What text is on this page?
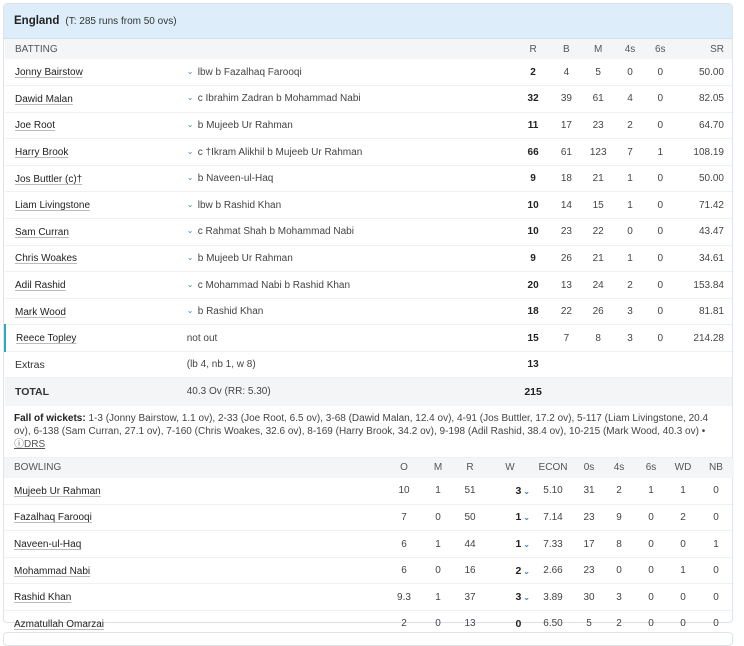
England (T: 285 runs from 50 ovs)
BATTING		R	B	M	4s	6s	SR
Jonny Bairstow	⌄ lbw b Fazalhaq Farooqi	2	4	5	0	0	50.00
Dawid Malan	⌄ c Ibrahim Zadran b Mohammad Nabi	32	39	61	4	0	82.05
Joe Root	⌄ b Mujeeb Ur Rahman	11	17	23	2	0	64.70
Harry Brook	⌄ c †Ikram Alikhil b Mujeeb Ur Rahman	66	61	123	7	1	108.19
Jos Buttler (c)†	⌄ b Naveen-ul-Haq	9	18	21	1	0	50.00
Liam Livingstone	⌄ lbw b Rashid Khan	10	14	15	1	0	71.42
Sam Curran	⌄ c Rahmat Shah b Mohammad Nabi	10	23	22	0	0	43.47
Chris Woakes	⌄ b Mujeeb Ur Rahman	9	26	21	1	0	34.61
Adil Rashid	⌄ c Mohammad Nabi b Rashid Khan	20	13	24	2	0	153.84
Mark Wood	⌄ b Rashid Khan	18	22	26	3	0	81.81
Reece Topley	not out	15	7	8	3	0	214.28
Extras	(lb 4, nb 1, w 8)	13					
TOTAL	40.3 Ov (RR: 5.30)	215					
Fall of wickets: 1-3 (Jonny Bairstow, 1.1 ov), 2-33 (Joe Root, 6.5 ov), 3-68 (Dawid Malan, 12.4 ov), 4-91 (Jos Buttler, 17.2 ov), 5-117 (Liam Livingstone, 20.4 ov), 6-138 (Sam Curran, 27.1 ov), 7-160 (Chris Woakes, 32.6 ov), 8-169 (Harry Brook, 34.2 ov), 9-198 (Adil Rashid, 38.4 ov), 10-215 (Mark Wood, 40.3 ov) • ⓘDRS
BOWLING	O	M	R	W	ECON	0s	4s	6s	WD	NB
Mujeeb Ur Rahman	10	1	51	3 ⌄	5.10	31	2	1	1	0
Fazalhaq Farooqi	7	0	50	1 ⌄	7.14	23	9	0	2	0
Naveen-ul-Haq	6	1	44	1 ⌄	7.33	17	8	0	0	1
Mohammad Nabi	6	0	16	2 ⌄	2.66	23	0	0	1	0
Rashid Khan	9.3	1	37	3 ⌄	3.89	30	3	0	0	0
Azmatullah Omarzai	2	0	13	0	6.50	5	2	0	0	0
